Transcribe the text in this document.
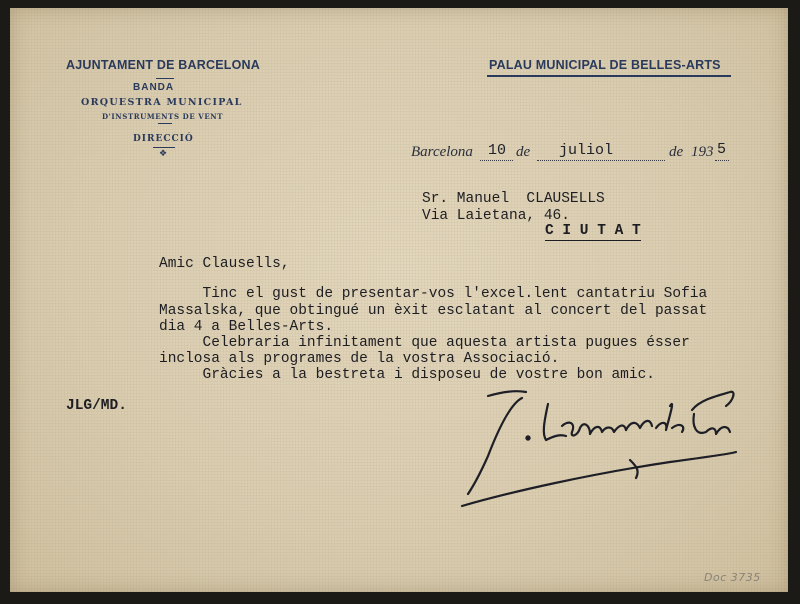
AJUNTAMENT DE BARCELONA
BANDA
ORQUESTRA MUNICIPAL
D'INSTRUMENTS DE VENT
DIRECCIÓ
❖
PALAU MUNICIPAL DE BELLES-ARTS
Barcelona 10 de juliol	de 193 5
Sr. Manuel  CLAUSELLS
Via Laietana, 46.
C I U T A T
Amic Clausells,
Tinc el gust de presentar-vos l'excel.lent cantatriu Sofia
Massalska, que obtingué un èxit esclatant al concert del passat
dia 4 a Belles-Arts.
Celebraria infinitament que aquesta artista pugues ésser
inclosa als programes de la vostra Associació.
Gràcies a la bestreta i disposeu de vostre bon amic.
JLG/MD.
Doc 3735
